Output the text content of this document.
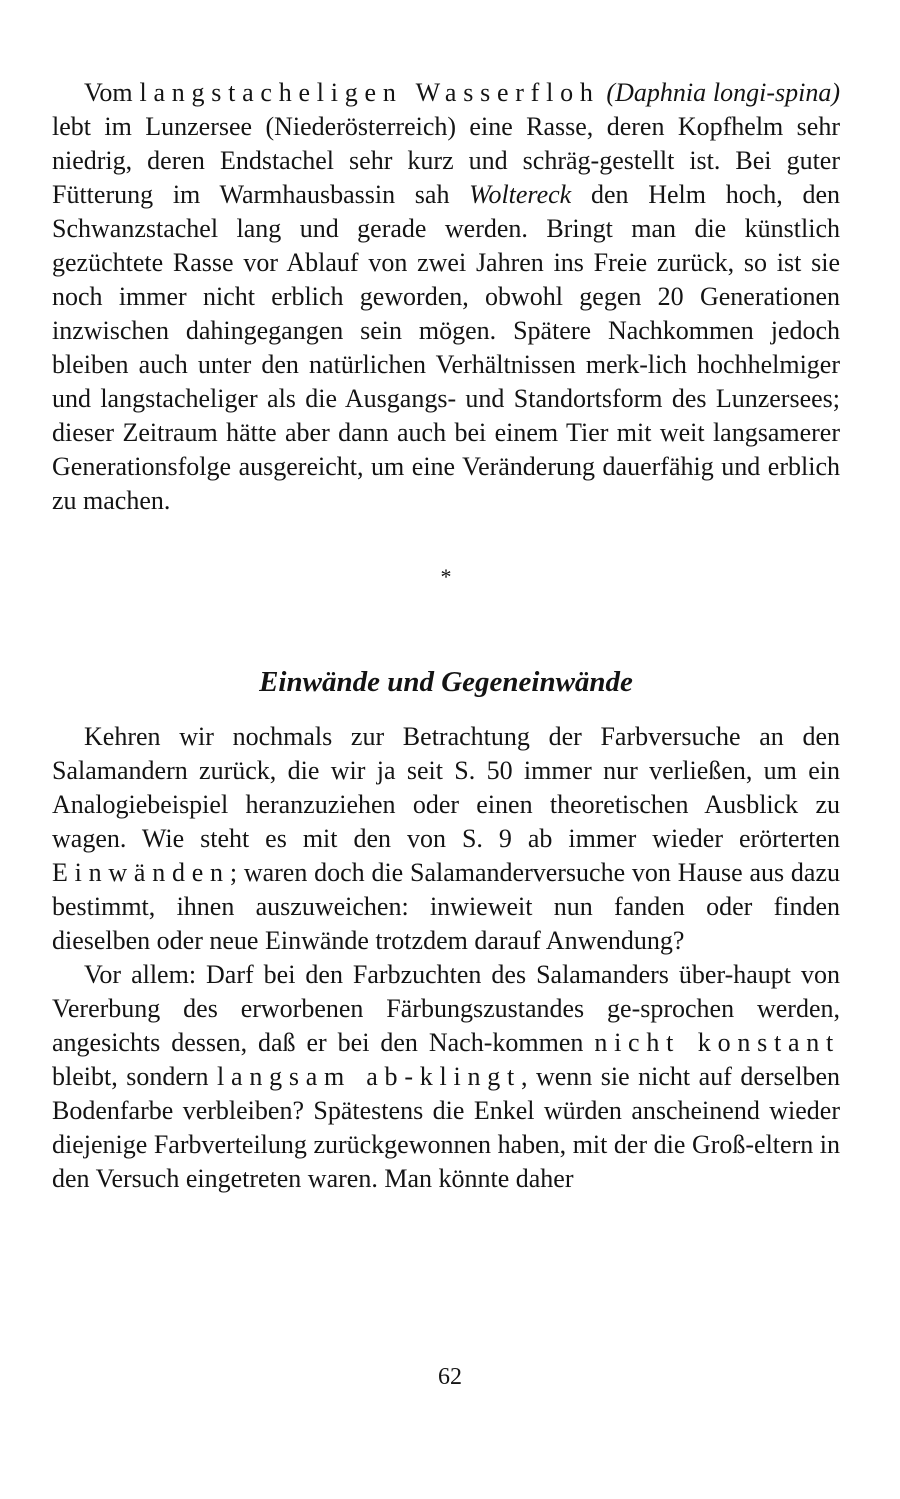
Vom langstacheligen Wasserfloh (Daphnia longi-spina) lebt im Lunzersee (Niederösterreich) eine Rasse, deren Kopfhelm sehr niedrig, deren Endstachel sehr kurz und schräg-gestellt ist. Bei guter Fütterung im Warmhausbassin sah Woltereck den Helm hoch, den Schwanzstachel lang und gerade werden. Bringt man die künstlich gezüchtete Rasse vor Ablauf von zwei Jahren ins Freie zurück, so ist sie noch immer nicht erblich geworden, obwohl gegen 20 Generationen inzwischen dahingegangen sein mögen. Spätere Nachkommen jedoch bleiben auch unter den natürlichen Verhältnissen merk-lich hochhelmiger und langstacheliger als die Ausgangs- und Standortsform des Lunzersees; dieser Zeitraum hätte aber dann auch bei einem Tier mit weit langsamerer Generationsfolge ausgereicht, um eine Veränderung dauerfähig und erblich zu machen.

*
Einwände und Gegeneinwände

Kehren wir nochmals zur Betrachtung der Farbversuche an den Salamandern zurück, die wir ja seit S. 50 immer nur verließen, um ein Analogiebeispiel heranzuziehen oder einen theoretischen Ausblick zu wagen. Wie steht es mit den von S. 9 ab immer wieder erörterten Einwänden; waren doch die Salamanderversuche von Hause aus dazu bestimmt, ihnen auszuweichen: inwieweit nun fanden oder finden dieselben oder neue Einwände trotzdem darauf Anwendung?

Vor allem: Darf bei den Farbzuchten des Salamanders über-haupt von Vererbung des erworbenen Färbungszustandes ge-sprochen werden, angesichts dessen, daß er bei den Nach-kommen nicht konstant bleibt, sondern langsam ab-klingt, wenn sie nicht auf derselben Bodenfarbe verbleiben? Spätestens die Enkel würden anscheinend wieder diejenige Farbverteilung zurückgewonnen haben, mit der die Groß-eltern in den Versuch eingetreten waren. Man könnte daher

62
